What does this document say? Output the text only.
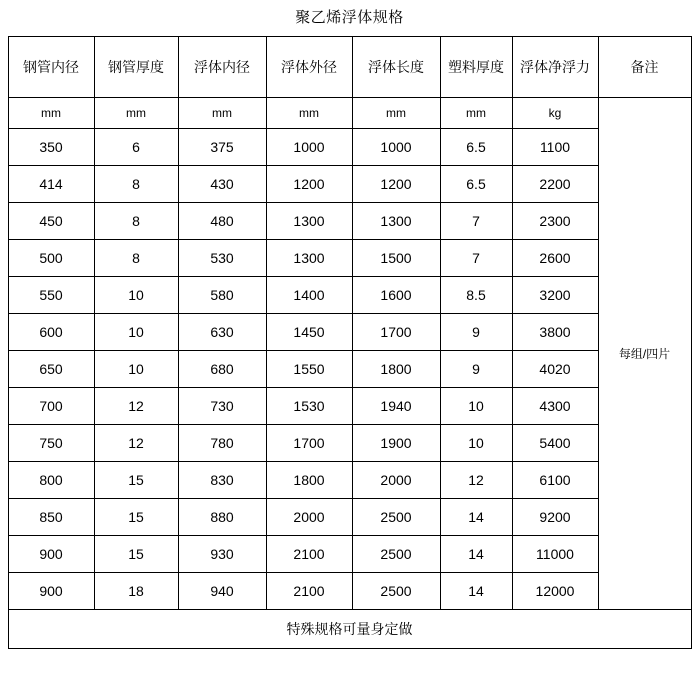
聚乙烯浮体规格
钢管内径	钢管厚度	浮体内径	浮体外径	浮体长度	塑料厚度	浮体净浮力	备注
mm	mm	mm	mm	mm	mm	kg	每组/四片
350	6	375	1000	1000	6.5	1100	
414	8	430	1200	1200	6.5	2200	
450	8	480	1300	1300	7	2300	
500	8	530	1300	1500	7	2600	
550	10	580	1400	1600	8.5	3200	
600	10	630	1450	1700	9	3800	
650	10	680	1550	1800	9	4020	
700	12	730	1530	1940	10	4300	
750	12	780	1700	1900	10	5400	
800	15	830	1800	2000	12	6100	
850	15	880	2000	2500	14	9200	
900	15	930	2100	2500	14	11000	
900	18	940	2100	2500	14	12000	
特殊规格可量身定做							
